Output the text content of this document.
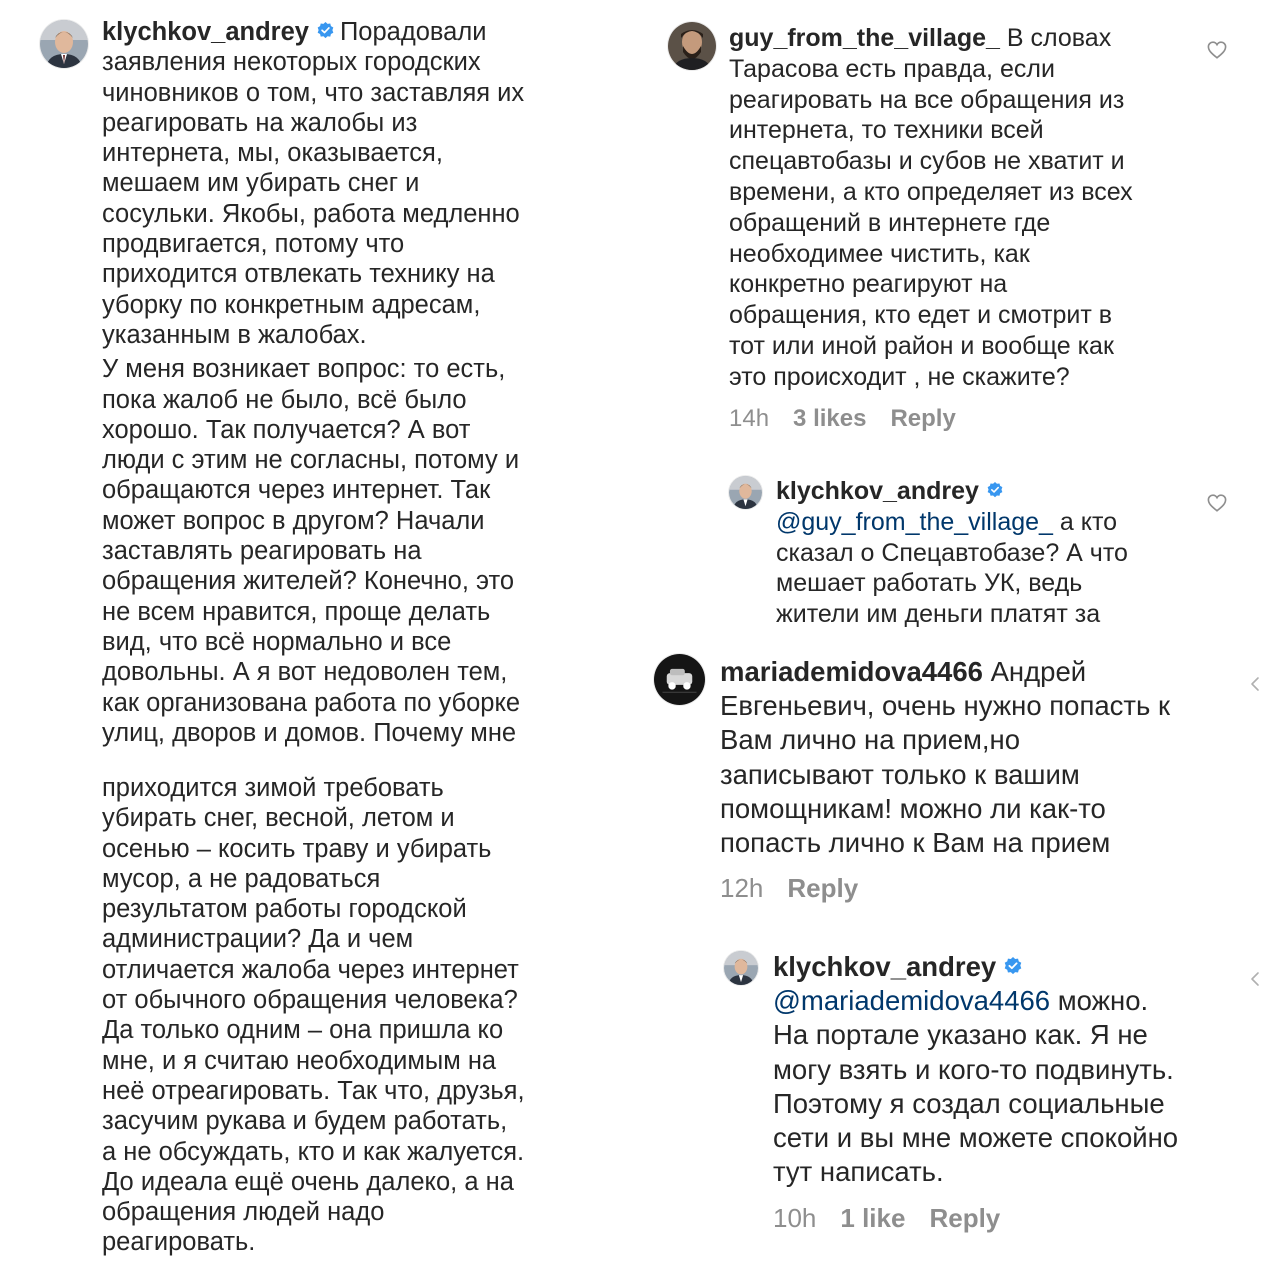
klychkov_andrey Порадовали
заявления некоторых городских
чиновников о том, что заставляя их
реагировать на жалобы из
интернета, мы, оказывается,
мешаем им убирать снег и
сосульки. Якобы, работа медленно
продвигается, потому что
приходится отвлекать технику на
уборку по конкретным адресам,
указанным в жалобах.
У меня возникает вопрос: то есть,
пока жалоб не было, всё было
хорошо. Так получается? А вот
люди с этим не согласны, потому и
обращаются через интернет. Так
может вопрос в другом? Начали
заставлять реагировать на
обращения жителей? Конечно, это
не всем нравится, проще делать
вид, что всё нормально и все
довольны. А я вот недоволен тем,
как организована работа по уборке
улиц, дворов и домов. Почему мне
приходится зимой требовать
убирать снег, весной, летом и
осенью – косить траву и убирать
мусор, а не радоваться
результатом работы городской
администрации? Да и чем
отличается жалоба через интернет
от обычного обращения человека?
Да только одним – она пришла ко
мне, и я считаю необходимым на
неё отреагировать. Так что, друзья,
засучим рукава и будем работать,
а не обсуждать, кто и как жалуется.
До идеала ещё очень далеко, а на
обращения людей надо
реагировать.
guy_from_the_village_ В словах
Тарасова есть правда, если
реагировать на все обращения из
интернета, то техники всей
спецавтобазы и субов не хватит и
времени, а кто определяет из всех
обращений в интернете где
необходимее чистить, как
конкретно реагируют на
обращения, кто едет и смотрит в
тот или иной район и вообще как
это происходит , не скажите?
14h 3 likes Reply
klychkov_andrey
@guy_from_the_village_ а кто
сказал о Спецавтобазе? А что
мешает работать УК, ведь
жители им деньги платят за
mariademidova4466 Андрей
Евгеньевич, очень нужно попасть к
Вам лично на прием,но
записывают только к вашим
помощникам! можно ли как-то
попасть лично к Вам на прием
12h Reply
klychkov_andrey
@mariademidova4466 можно.
На портале указано как. Я не
могу взять и кого-то подвинуть.
Поэтому я создал социальные
сети и вы мне можете спокойно
тут написать.
10h 1 like Reply
